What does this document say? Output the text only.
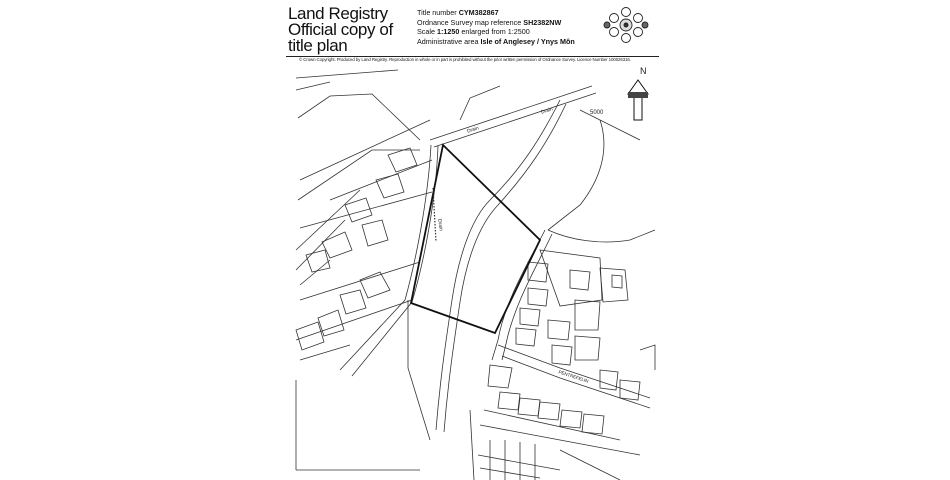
Land Registry
Official copy of
title plan
Title number CYM382867
Ordnance Survey map reference SH2382NW
Scale 1:1250 enlarged from 1:2500
Administrative area Isle of Anglesey / Ynys Môn
© Crown Copyright. Produced by Land Registry. Reproduction in whole or in part is prohibited without the prior written permission of Ordnance Survey. Licence Number 100026316.
N
Drain
Drain
Drain
5000
PENTREFELIN
